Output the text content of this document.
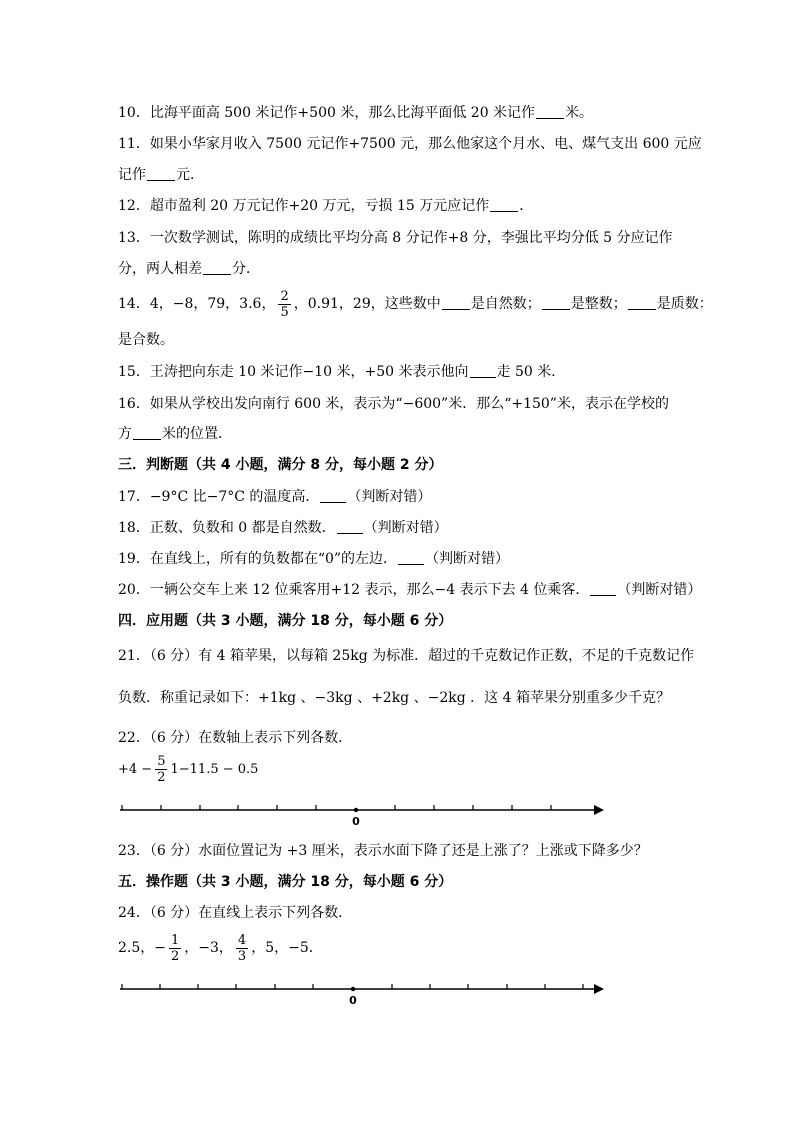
10．比海平面高 500 米记作+500 米，那么比海平面低 20 米记作 米。
11．如果小华家月收入 7500 元记作+7500 元，那么他家这个月水、电、煤气支出 600 元应
记作 元．
12．超市盈利 20 万元记作+20 万元，亏损 15 万元应记作 ．
13．一次数学测试，陈明的成绩比平均分高 8 分记作+8 分，李强比平均分低 5 分应记作
分，两人相差 分．
14．4，−8，79，3.6， $\frac{2}{5}$ ，0.91，29，这些数中 是自然数； 是整数； 是质数：
是合数。
15．王涛把向东走 10 米记作−10 米，+50 米表示他向 走 50 米．
16．如果从学校出发向南行 600 米，表示为“−600”米．那么“+150”米，表示在学校的
方 米的位置．
三．判断题（共 4 小题，满分 8 分，每小题 2 分）
17．−9°C 比−7°C 的温度高． （判断对错）
18．正数、负数和 0 都是自然数． （判断对错）
19．在直线上，所有的负数都在“0”的左边． （判断对错）
20．一辆公交车上来 12 位乘客用+12 表示，那么−4 表示下去 4 位乘客． （判断对错）
四．应用题（共 3 小题，满分 18 分，每小题 6 分）
21．（6 分）有 4 箱苹果，以每箱 25kg 为标准．超过的千克数记作正数，不足的千克数记作
负数．称重记录如下：+1kg 、−3kg 、+2kg 、−2kg ．这 4 箱苹果分别重多少千克？
22．（6 分）在数轴上表示下列各数．
$+4 - \frac{5}{2} 1-11.5 - 0.5$
0
23．（6 分）水面位置记为 +3 厘米，表示水面下降了还是上涨了？上涨或下降多少？
五．操作题（共 3 小题，满分 18 分，每小题 6 分）
24．（6 分）在直线上表示下列各数．
2.5，− $\frac{1}{2}$ ，−3， $\frac{4}{3}$ ，5，−5．
0
